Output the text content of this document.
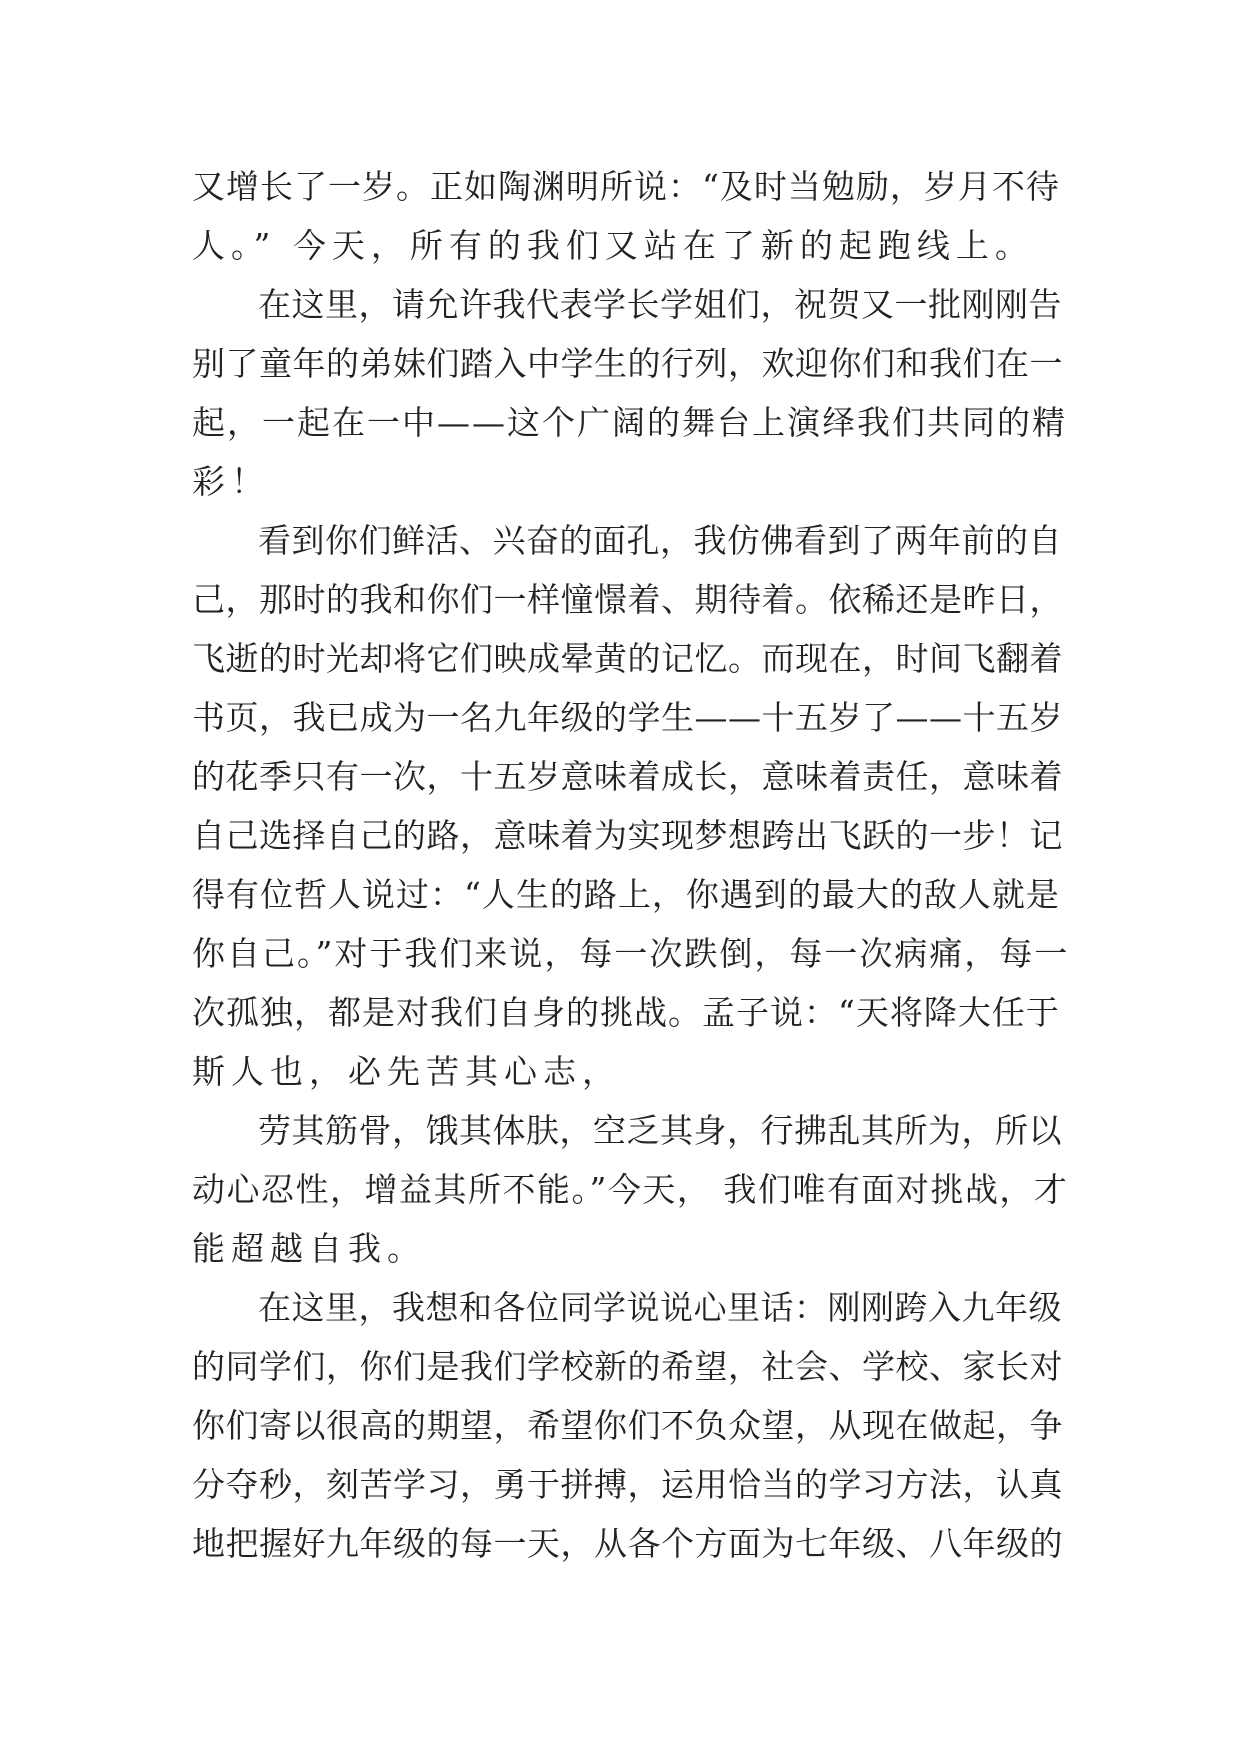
又增长了一岁。正如陶渊明所说：“及时当勉励，岁月不待
人。” 今天，所有的我们又站在了新的起跑线上。
在这里，请允许我代表学长学姐们，祝贺又一批刚刚告
别了童年的弟妹们踏入中学生的行列，欢迎你们和我们在一
起，一起在一中——这个广阔的舞台上演绎我们共同的精
彩！
看到你们鲜活、兴奋的面孔，我仿佛看到了两年前的自
己，那时的我和你们一样憧憬着、期待着。依稀还是昨日，
飞逝的时光却将它们映成晕黄的记忆。而现在，时间飞翻着
书页，我已成为一名九年级的学生——十五岁了——十五岁
的花季只有一次，十五岁意味着成长，意味着责任，意味着
自己选择自己的路，意味着为实现梦想跨出飞跃的一步！记
得有位哲人说过：“人生的路上，你遇到的最大的敌人就是
你自己。”对于我们来说，每一次跌倒，每一次病痛，每一
次孤独，都是对我们自身的挑战。孟子说：“天将降大任于
斯人也，必先苦其心志，
劳其筋骨，饿其体肤，空乏其身，行拂乱其所为，所以
动心忍性，增益其所不能。”今天， 我们唯有面对挑战，才
能超越自我。
在这里，我想和各位同学说说心里话：刚刚跨入九年级
的同学们，你们是我们学校新的希望，社会、学校、家长对
你们寄以很高的期望，希望你们不负众望，从现在做起，争
分夺秒，刻苦学习，勇于拼搏，运用恰当的学习方法，认真
地把握好九年级的每一天，从各个方面为七年级、八年级的
